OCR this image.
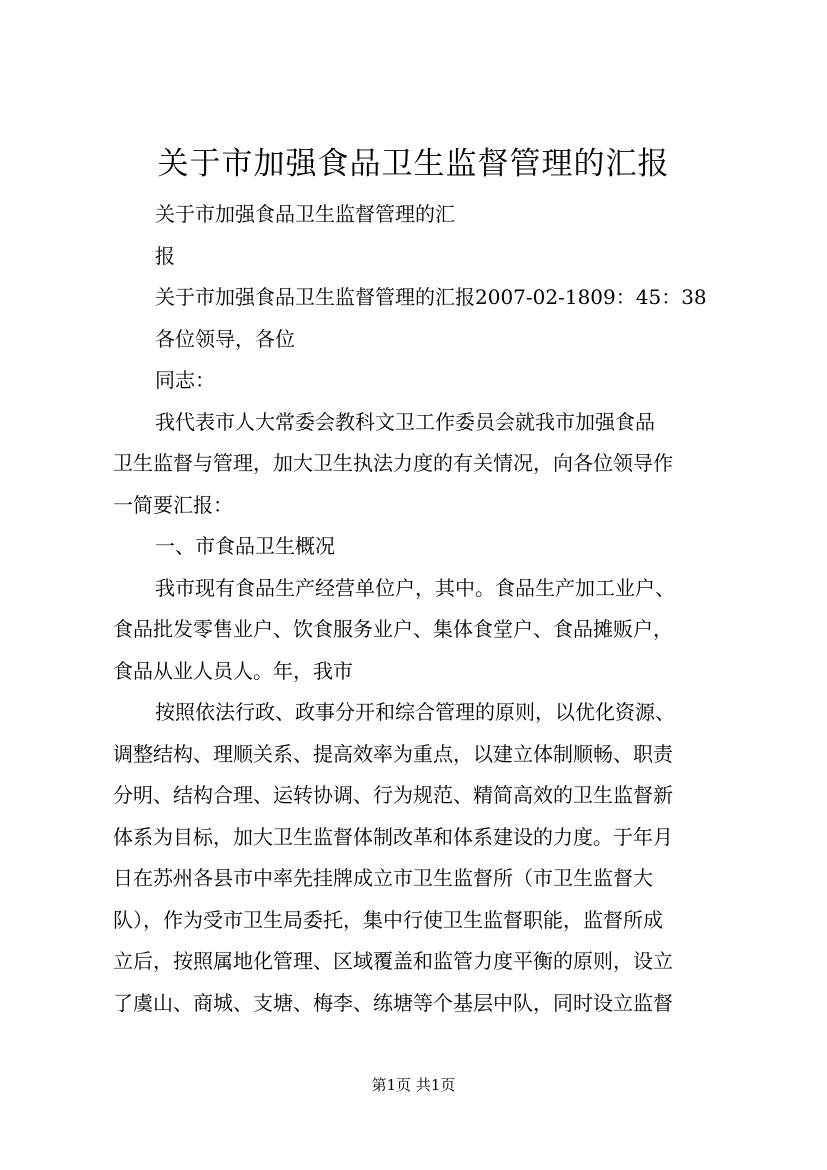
关于市加强食品卫生监督管理的汇报
关于市加强食品卫生监督管理的汇
报
关于市加强食品卫生监督管理的汇报2007-02-1809：45：38
各位领导，各位
同志：
我代表市人大常委会教科文卫工作委员会就我市加强食品
卫生监督与管理，加大卫生执法力度的有关情况，向各位领导作
一简要汇报：
一、市食品卫生概况
我市现有食品生产经营单位户，其中。食品生产加工业户、
食品批发零售业户、饮食服务业户、集体食堂户、食品摊贩户，
食品从业人员人。年，我市
按照依法行政、政事分开和综合管理的原则，以优化资源、
调整结构、理顺关系、提高效率为重点，以建立体制顺畅、职责
分明、结构合理、运转协调、行为规范、精简高效的卫生监督新
体系为目标，加大卫生监督体制改革和体系建设的力度。于年月
日在苏州各县市中率先挂牌成立市卫生监督所（市卫生监督大
队），作为受市卫生局委托，集中行使卫生监督职能，监督所成
立后，按照属地化管理、区域覆盖和监管力度平衡的原则，设立
了虞山、商城、支塘、梅李、练塘等个基层中队，同时设立监督
第1页 共1页
